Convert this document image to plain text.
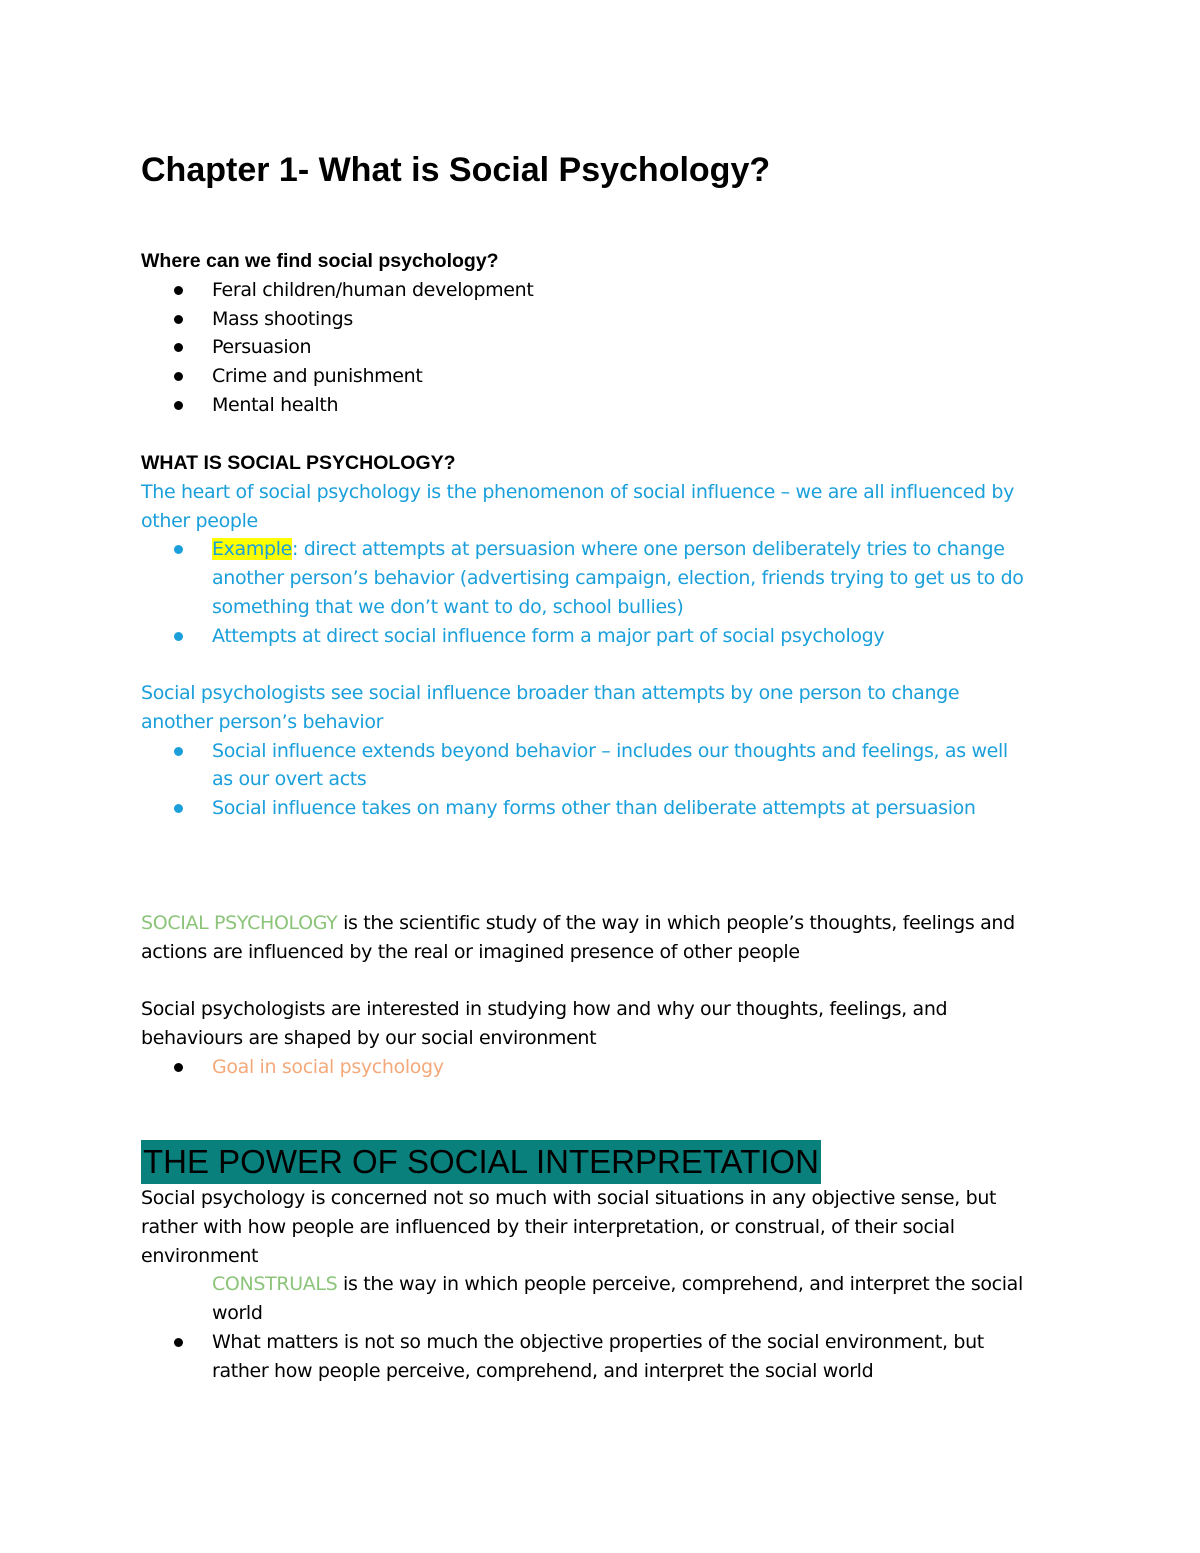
Chapter 1- What is Social Psychology?
Where can we find social psychology?
Feral children/human development
Mass shootings
Persuasion
Crime and punishment
Mental health
WHAT IS SOCIAL PSYCHOLOGY?
The heart of social psychology is the phenomenon of social influence – we are all influenced by
other people
Example: direct attempts at persuasion where one person deliberately tries to change
another person’s behavior (advertising campaign, election, friends trying to get us to do
something that we don’t want to do, school bullies)
Attempts at direct social influence form a major part of social psychology
Social psychologists see social influence broader than attempts by one person to change
another person’s behavior
Social influence extends beyond behavior – includes our thoughts and feelings, as well
as our overt acts
Social influence takes on many forms other than deliberate attempts at persuasion
SOCIAL PSYCHOLOGY is the scientific study of the way in which people’s thoughts, feelings and
actions are influenced by the real or imagined presence of other people
Social psychologists are interested in studying how and why our thoughts, feelings, and
behaviours are shaped by our social environment
Goal in social psychology
THE POWER OF SOCIAL INTERPRETATION
Social psychology is concerned not so much with social situations in any objective sense, but
rather with how people are influenced by their interpretation, or construal, of their social
environment
CONSTRUALS is the way in which people perceive, comprehend, and interpret the social
world
What matters is not so much the objective properties of the social environment, but
rather how people perceive, comprehend, and interpret the social world
